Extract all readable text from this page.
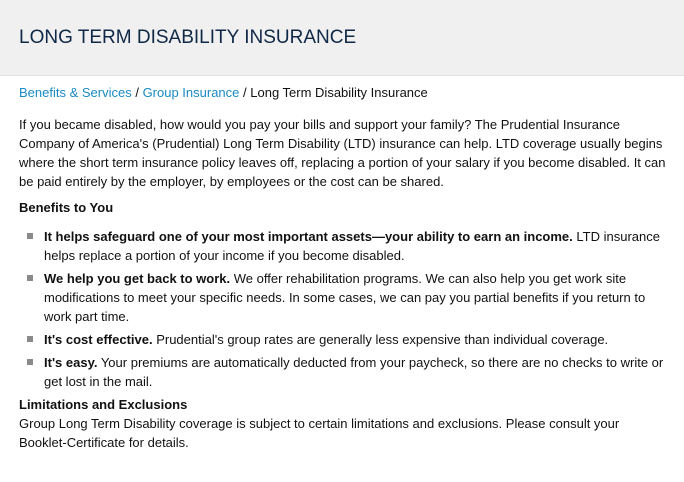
LONG TERM DISABILITY INSURANCE
Benefits & Services / Group Insurance / Long Term Disability Insurance

If you became disabled, how would you pay your bills and support your family? The Prudential Insurance Company of America's (Prudential) Long Term Disability (LTD) insurance can help. LTD coverage usually begins where the short term insurance policy leaves off, replacing a portion of your salary if you become disabled. It can be paid entirely by the employer, by employees or the cost can be shared.

Benefits to You

It helps safeguard one of your most important assets—your ability to earn an income. LTD insurance helps replace a portion of your income if you become disabled.
We help you get back to work. We offer rehabilitation programs. We can also help you get work site modifications to meet your specific needs. In some cases, we can pay you partial benefits if you return to work part time.
It's cost effective. Prudential's group rates are generally less expensive than individual coverage.
It's easy. Your premiums are automatically deducted from your paycheck, so there are no checks to write or get lost in the mail.

Limitations and Exclusions

Group Long Term Disability coverage is subject to certain limitations and exclusions. Please consult your Booklet-Certificate for details.
